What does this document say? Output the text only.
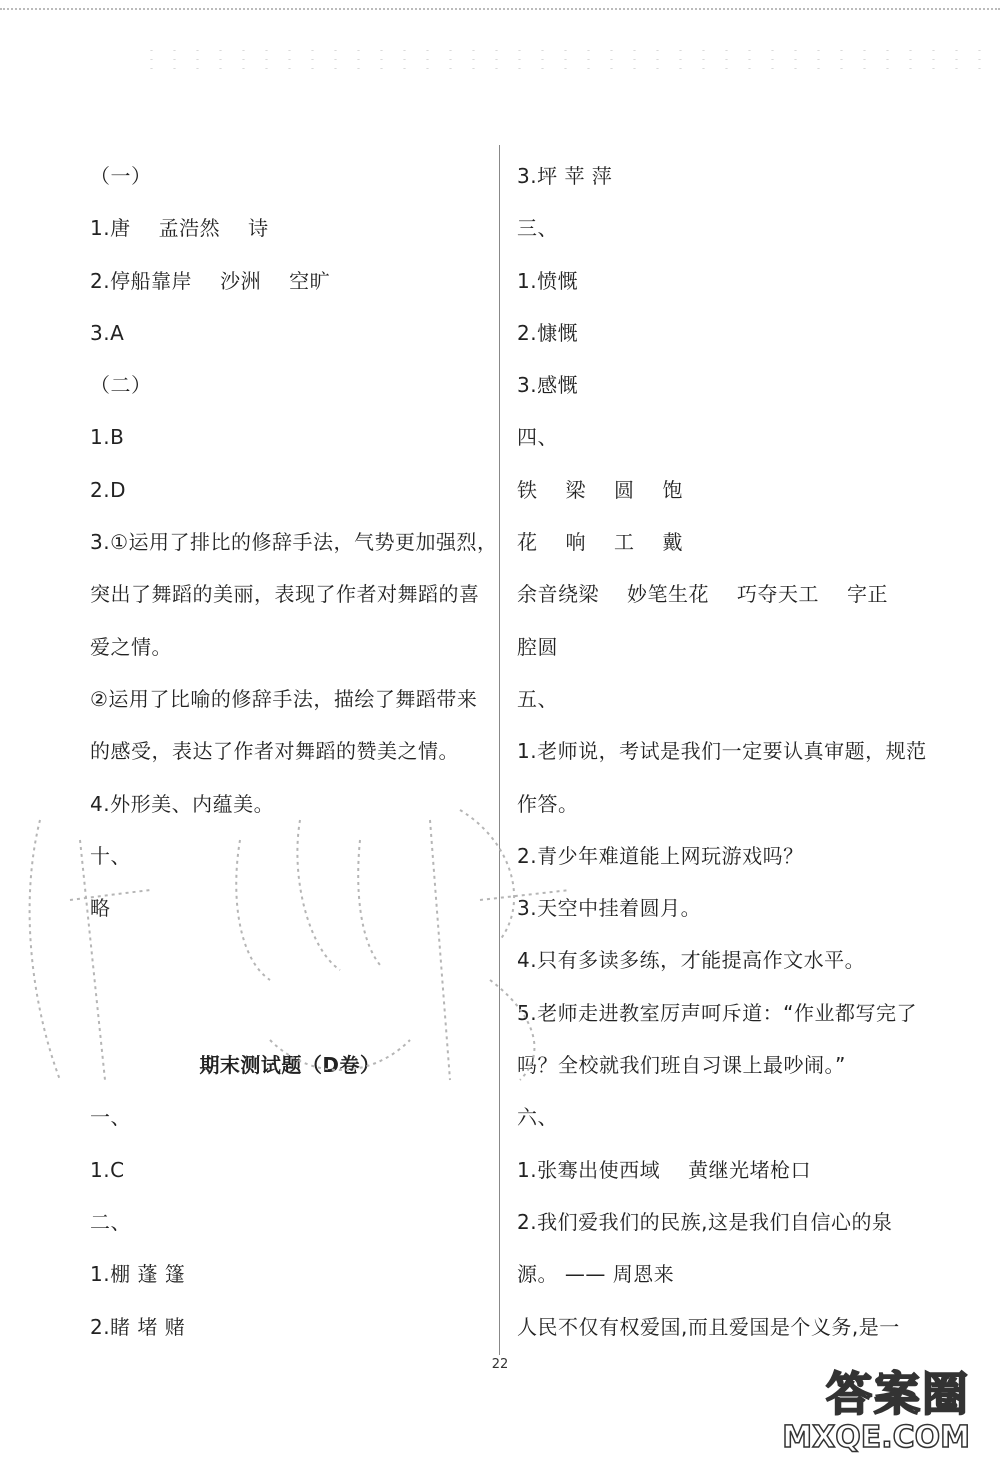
（一）
1.唐 孟浩然 诗
2.停船靠岸 沙洲 空旷
3.A
（二）
1.B
2.D
3.①运用了排比的修辞手法，气势更加强烈，
突出了舞蹈的美丽，表现了作者对舞蹈的喜
爱之情。
②运用了比喻的修辞手法，描绘了舞蹈带来
的感受，表达了作者对舞蹈的赞美之情。
4.外形美、内蕴美。
十、
略
期末测试题（D卷）
一、
1.C
二、
1.棚 蓬 篷
2.睹 堵 赌
3.坪 苹 萍
三、
1.愤慨
2.慷慨
3.感慨
四、
铁 梁 圆 饱
花 响 工 戴
余音绕梁 妙笔生花 巧夺天工 字正
腔圆
五、
1.老师说，考试是我们一定要认真审题，规范
作答。
2.青少年难道能上网玩游戏吗？
3.天空中挂着圆月。
4.只有多读多练，才能提高作文水平。
5.老师走进教室厉声呵斥道：“作业都写完了
吗？全校就我们班自习课上最吵闹。”
六、
1.张骞出使西域 黄继光堵枪口
2.我们爱我们的民族,这是我们自信心的泉
源。 —— 周恩来
人民不仅有权爱国,而且爱国是个义务,是一
22
答案圈
MXQE.COM
